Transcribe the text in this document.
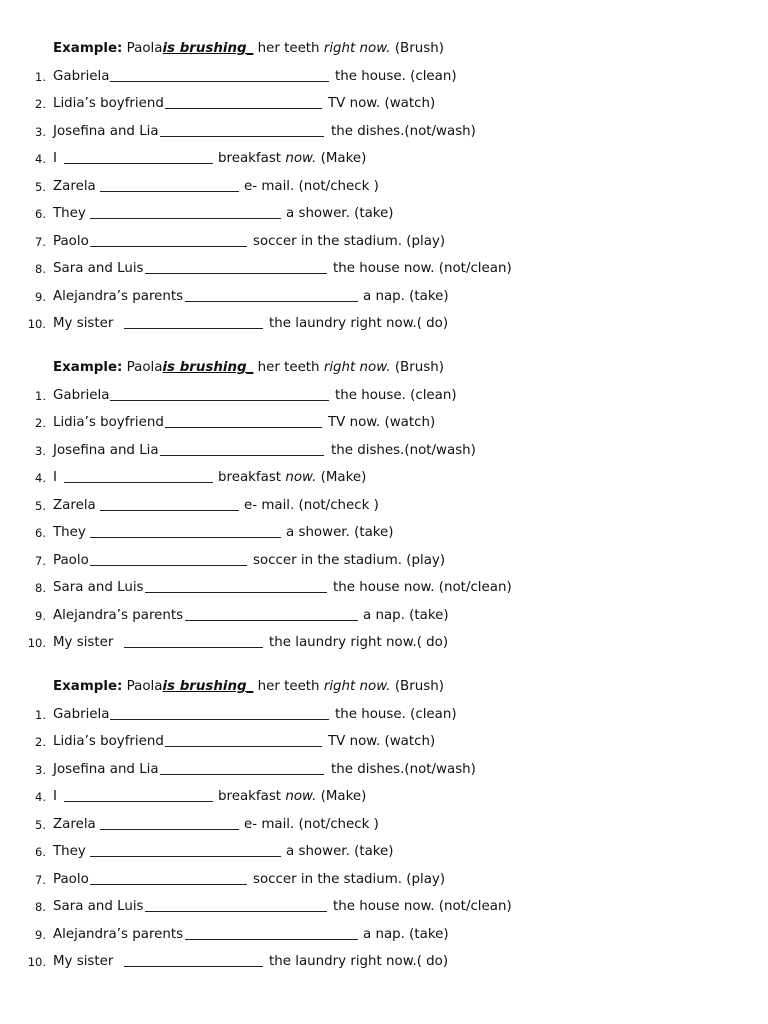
Example: Paolais brushing_ her teeth right now. (Brush)
1. Gabriela	the house. (clean)
2. Lidia’s boyfriend	TV now. (watch)
3. Josefina and Lia	the dishes.(not/wash)
4. I	breakfast now. (Make)
5. Zarela	e- mail. (not/check )
6. They	a shower. (take)
7. Paolo	soccer in the stadium. (play)
8. Sara and Luis	the house now. (not/clean)
9. Alejandra’s parents	a nap. (take)
10. My sister	the laundry right now.( do)
Example: Paolais brushing_ her teeth right now. (Brush)
1. Gabriela	the house. (clean)
2. Lidia’s boyfriend	TV now. (watch)
3. Josefina and Lia	the dishes.(not/wash)
4. I	breakfast now. (Make)
5. Zarela	e- mail. (not/check )
6. They	a shower. (take)
7. Paolo	soccer in the stadium. (play)
8. Sara and Luis	the house now. (not/clean)
9. Alejandra’s parents	a nap. (take)
10. My sister	the laundry right now.( do)
Example: Paolais brushing_ her teeth right now. (Brush)
1. Gabriela	the house. (clean)
2. Lidia’s boyfriend	TV now. (watch)
3. Josefina and Lia	the dishes.(not/wash)
4. I	breakfast now. (Make)
5. Zarela	e- mail. (not/check )
6. They	a shower. (take)
7. Paolo	soccer in the stadium. (play)
8. Sara and Luis	the house now. (not/clean)
9. Alejandra’s parents	a nap. (take)
10. My sister	the laundry right now.( do)
